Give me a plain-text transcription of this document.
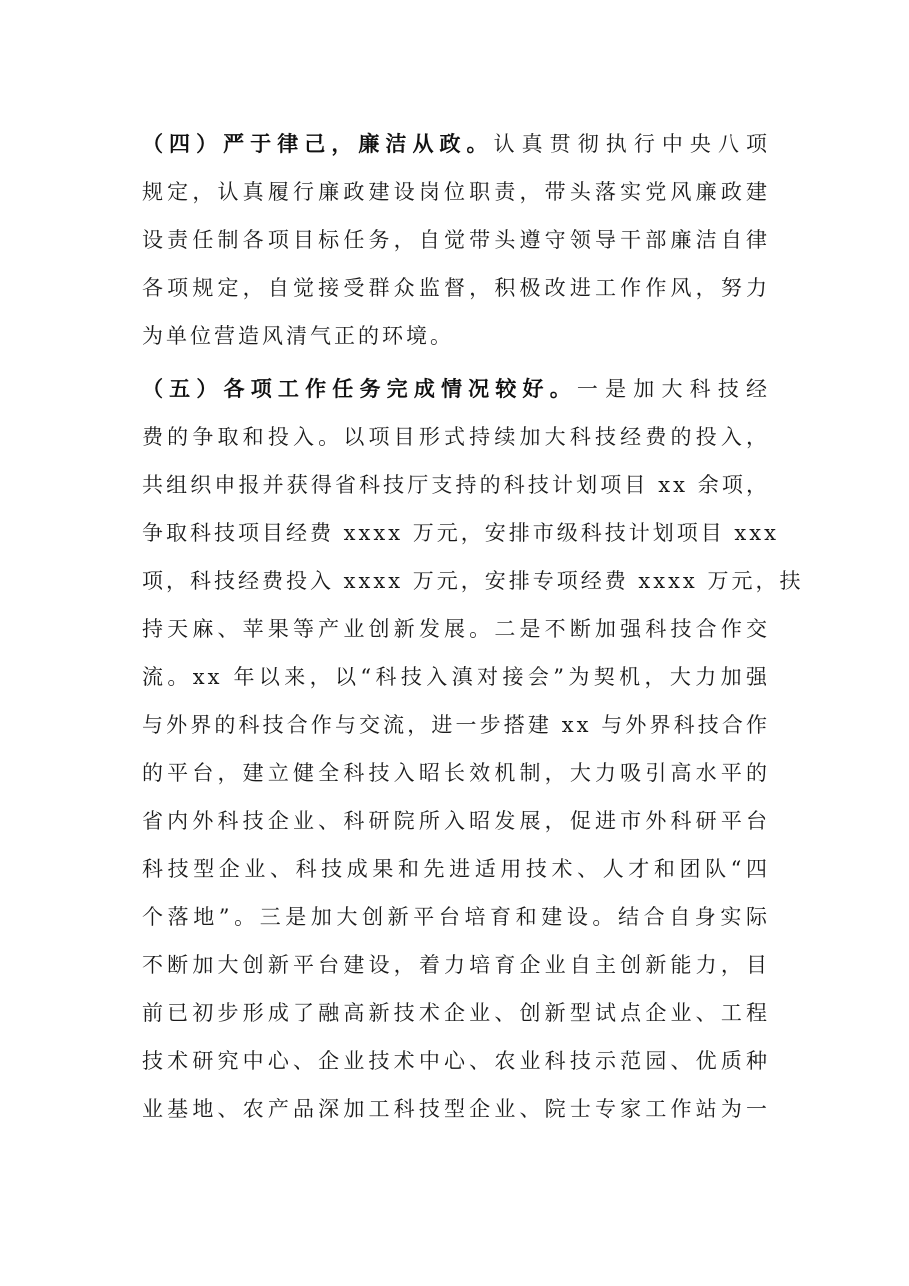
（四）严于律己，廉洁从政。认真贯彻执行中央八项
规定，认真履行廉政建设岗位职责，带头落实党风廉政建
设责任制各项目标任务，自觉带头遵守领导干部廉洁自律
各项规定，自觉接受群众监督，积极改进工作作风，努力
为单位营造风清气正的环境。
（五）各项工作任务完成情况较好。一是加大科技经
费的争取和投入。以项目形式持续加大科技经费的投入，
共组织申报并获得省科技厅支持的科技计划项目 xx 余项，
争取科技项目经费 xxxx 万元，安排市级科技计划项目 xxx
项，科技经费投入 xxxx 万元，安排专项经费 xxxx 万元，扶
持天麻、苹果等产业创新发展。二是不断加强科技合作交
流。xx 年以来，以“科技入滇对接会”为契机，大力加强
与外界的科技合作与交流，进一步搭建 xx 与外界科技合作
的平台，建立健全科技入昭长效机制，大力吸引高水平的
省内外科技企业、科研院所入昭发展，促进市外科研平台
科技型企业、科技成果和先进适用技术、人才和团队“四
个落地”。三是加大创新平台培育和建设。结合自身实际
不断加大创新平台建设，着力培育企业自主创新能力，目
前已初步形成了融高新技术企业、创新型试点企业、工程
技术研究中心、企业技术中心、农业科技示范园、优质种
业基地、农产品深加工科技型企业、院士专家工作站为一
